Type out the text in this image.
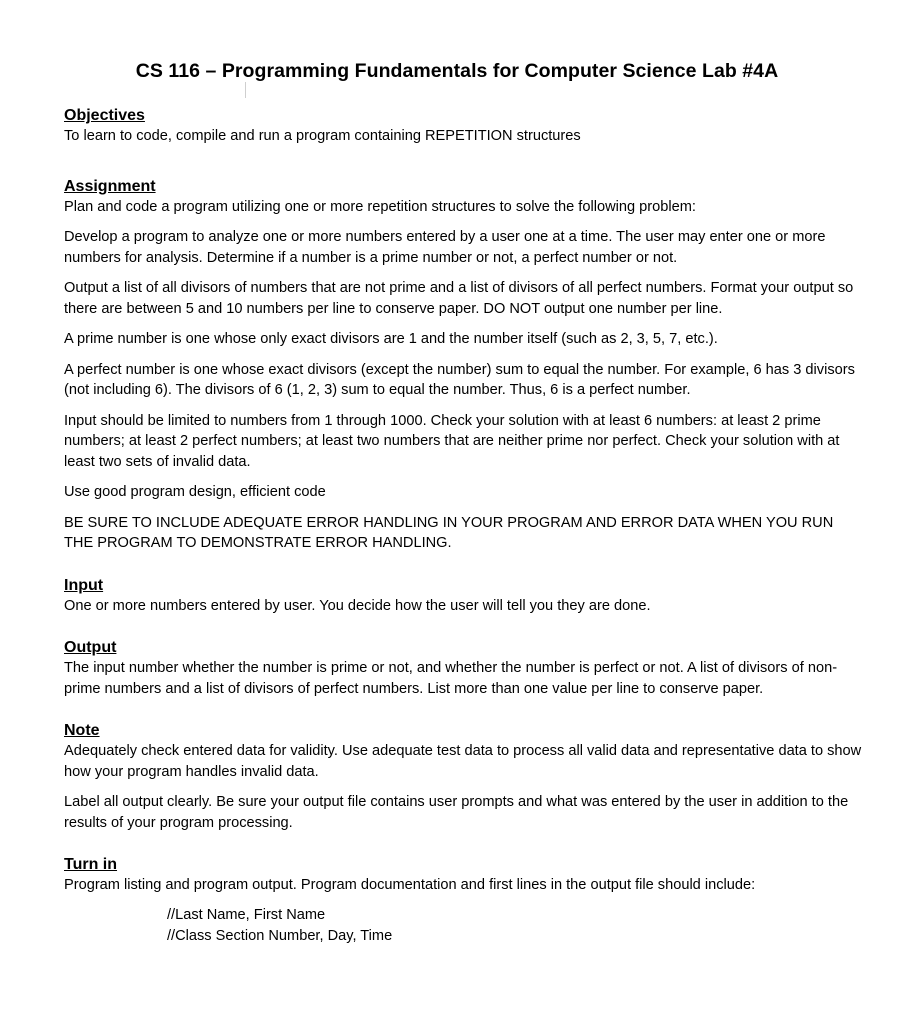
CS 116 – Programming Fundamentals for Computer Science Lab #4A

Objectives

To learn to code, compile and run a program containing REPETITION structures

Assignment

Plan and code a program utilizing one or more repetition structures to solve the following problem:

Develop a program to analyze one or more numbers entered by a user one at a time. The user may enter one or more numbers for analysis. Determine if a number is a prime number or not, a perfect number or not.

Output a list of all divisors of numbers that are not prime and a list of divisors of all perfect numbers. Format your output so there are between 5 and 10 numbers per line to conserve paper. DO NOT output one number per line.

A prime number is one whose only exact divisors are 1 and the number itself (such as 2, 3, 5, 7, etc.).

A perfect number is one whose exact divisors (except the number) sum to equal the number. For example, 6 has 3 divisors (not including 6). The divisors of 6 (1, 2, 3) sum to equal the number. Thus, 6 is a perfect number.

Input should be limited to numbers from 1 through 1000. Check your solution with at least 6 numbers: at least 2 prime numbers; at least 2 perfect numbers; at least two numbers that are neither prime nor perfect. Check your solution with at least two sets of invalid data.

Use good program design, efficient code

BE SURE TO INCLUDE ADEQUATE ERROR HANDLING IN YOUR PROGRAM AND ERROR DATA WHEN YOU RUN THE PROGRAM TO DEMONSTRATE ERROR HANDLING.

Input

One or more numbers entered by user. You decide how the user will tell you they are done.

Output

The input number whether the number is prime or not, and whether the number is perfect or not. A list of divisors of non-prime numbers and a list of divisors of perfect numbers. List more than one value per line to conserve paper.

Note

Adequately check entered data for validity. Use adequate test data to process all valid data and representative data to show how your program handles invalid data.

Label all output clearly. Be sure your output file contains user prompts and what was entered by the user in addition to the results of your program processing.

Turn in

Program listing and program output. Program documentation and first lines in the output file should include:

//Last Name, First Name
//Class Section Number, Day, Time
